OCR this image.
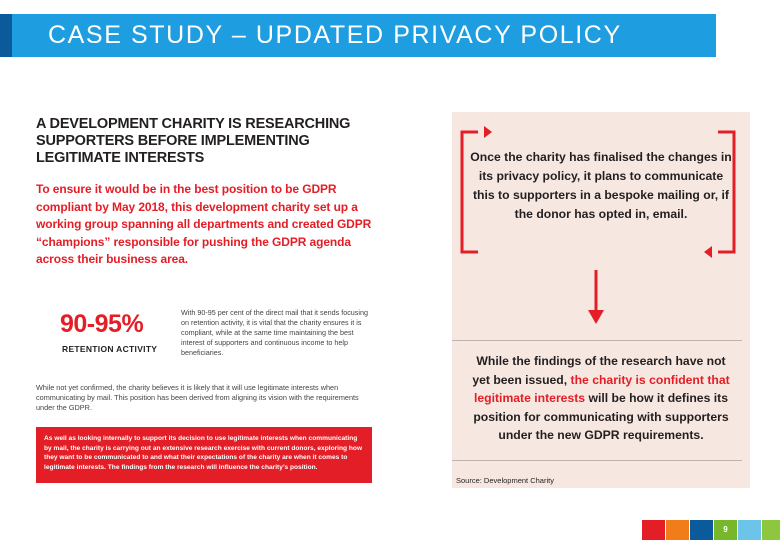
CASE STUDY – UPDATED PRIVACY POLICY
A DEVELOPMENT CHARITY IS RESEARCHING SUPPORTERS BEFORE IMPLEMENTING LEGITIMATE INTERESTS
To ensure it would be in the best position to be GDPR compliant by May 2018, this development charity set up a working group spanning all departments and created GDPR “champions” responsible for pushing the GDPR agenda across their business area.
90-95%
RETENTION ACTIVITY
With 90-95 per cent of the direct mail that it sends focusing on retention activity, it is vital that the charity ensures it is compliant, while at the same time maintaining the best interest of supporters and continuous income to help beneficiaries.
While not yet confirmed, the charity believes it is likely that it will use legitimate interests when communicating by mail. This position has been derived from aligning its vision with the requirements under the GDPR.
As well as looking internally to support its decision to use legitimate interests when communicating by mail, the charity is carrying out an extensive research exercise with current donors, exploring how they want to be communicated to and what their expectations of the charity are when it comes to legitimate interests. The findings from the research will influence the charity’s position.
Once the charity has finalised the changes in its privacy policy, it plans to communicate this to supporters in a bespoke mailing or, if the donor has opted in, email.
While the findings of the research have not yet been issued, the charity is confident that legitimate interests will be how it defines its position for communicating with supporters under the new GDPR requirements.
Source: Development Charity
9
